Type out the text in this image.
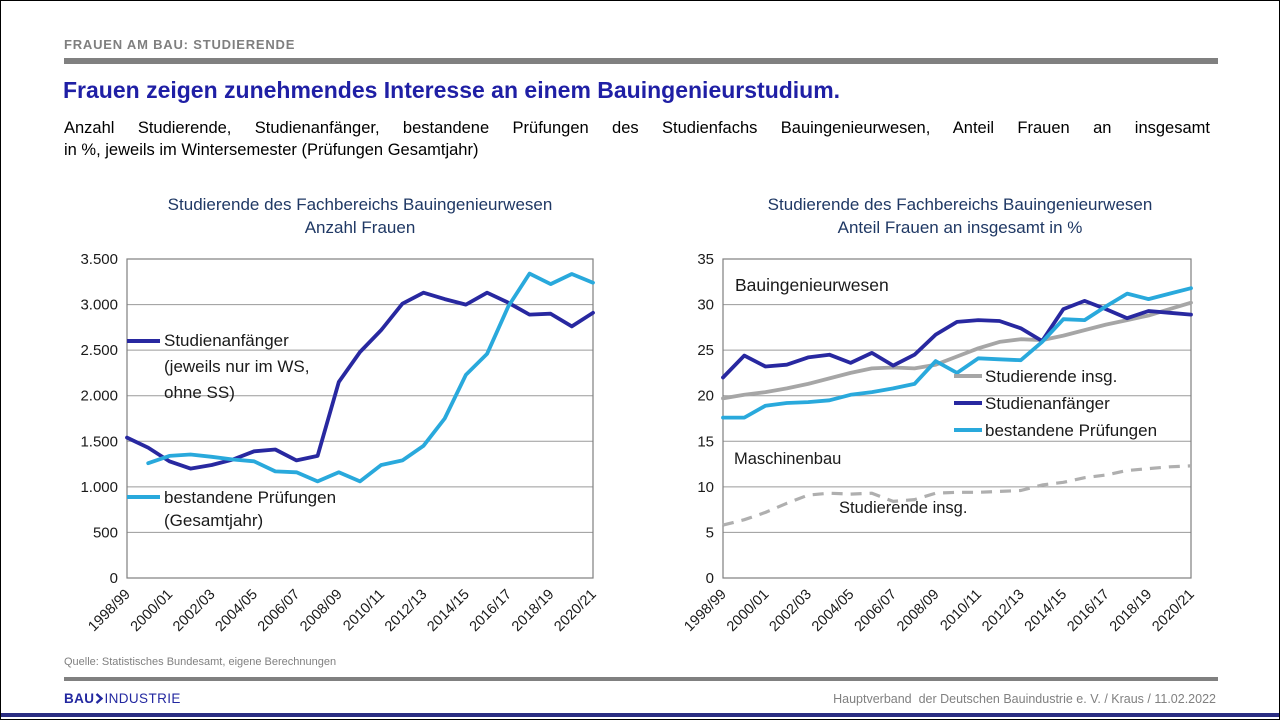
FRAUEN AM BAU: STUDIERENDE
Frauen zeigen zunehmendes Interesse an einem Bauingenieurstudium.
Anzahl Studierende, Studienanfänger, bestandene Prüfungen des Studienfachs Bauingenieurwesen, Anteil Frauen an insgesamt
in %, jeweils im Wintersemester (Prüfungen Gesamtjahr)
Studierende des Fachbereichs Bauingenieurwesen
Anzahl Frauen
0
500
1.000
1.500
2.000
2.500
3.000
3.500
1998/99
2000/01
2002/03
2004/05
2006/07
2008/09
2010/11
2012/13
2014/15
2016/17
2018/19
2020/21
Studienanfänger
(jeweils nur im WS,
ohne SS)
bestandene Prüfungen
(Gesamtjahr)
Studierende des Fachbereichs Bauingenieurwesen
Anteil Frauen an insgesamt in %
0
5
10
15
20
25
30
35
1998/99
2000/01
2002/03
2004/05
2006/07
2008/09
2010/11
2012/13
2014/15
2016/17
2018/19
2020/21
Bauingenieurwesen
Studierende insg.
Studienanfänger
bestandene Prüfungen
Maschinenbau
Studierende insg.
Quelle: Statistisches Bundesamt, eigene Berechnungen
BAU INDUSTRIE	Hauptverband  der Deutschen Bauindustrie e. V. / Kraus / 11.02.2022
